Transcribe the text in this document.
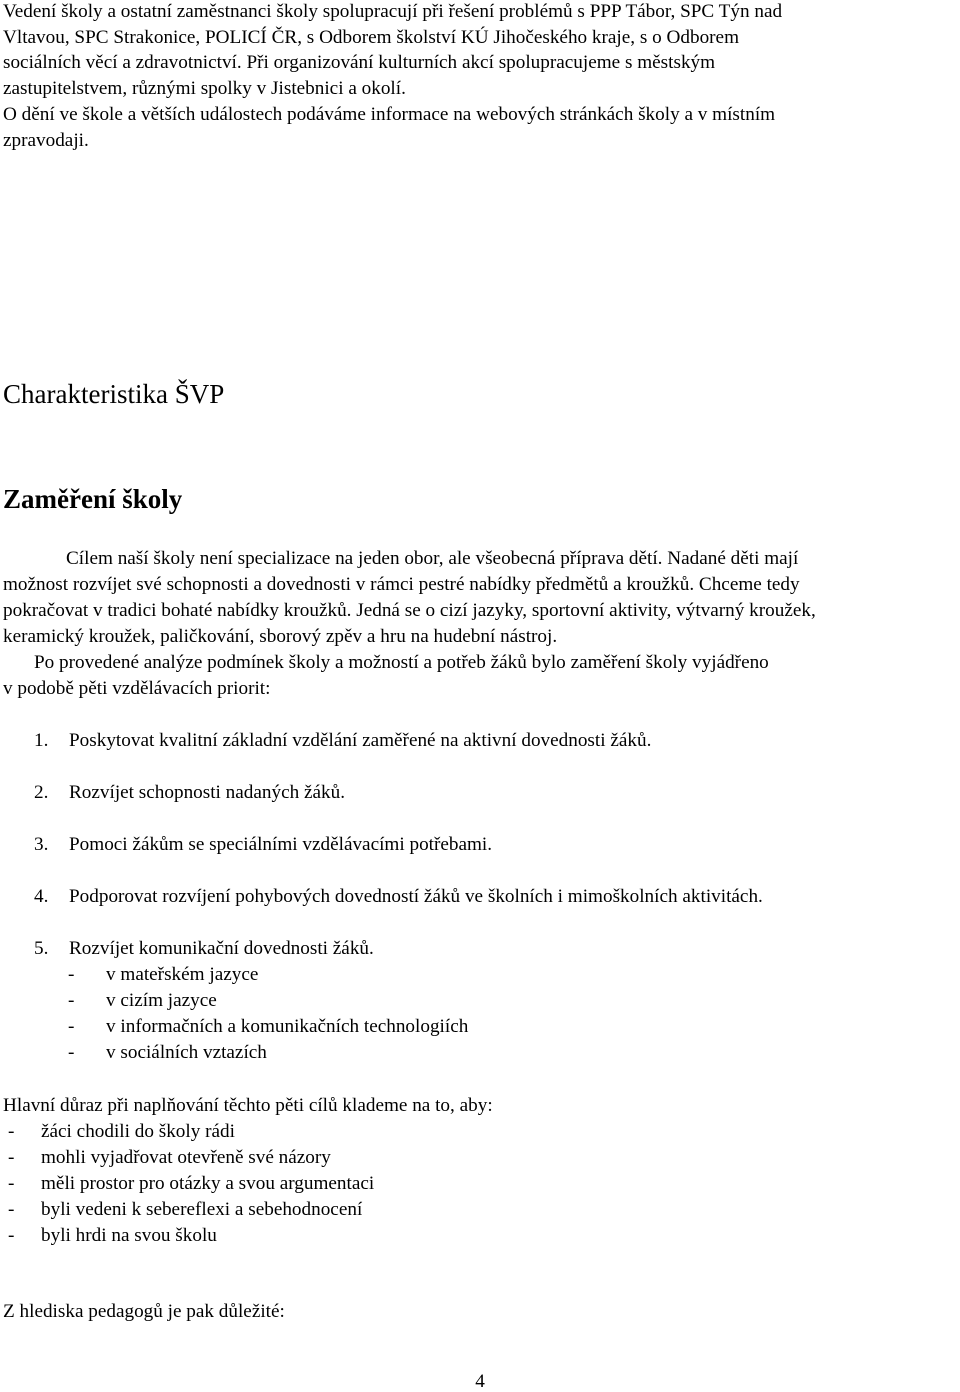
Vedení školy a ostatní zaměstnanci školy spolupracují při řešení problémů s PPP Tábor, SPC Týn nad
Vltavou, SPC Strakonice, POLICÍ ČR, s Odborem školství KÚ Jihočeského kraje, s o Odborem
sociálních věcí a zdravotnictví. Při organizování kulturních akcí spolupracujeme s městským
zastupitelstvem, různými spolky v Jistebnici a okolí.
O dění ve škole a větších událostech podáváme informace na webových stránkách školy a v místním
zpravodaji.
Charakteristika ŠVP
Zaměření školy
Cílem naší školy není specializace na jeden obor, ale všeobecná příprava dětí. Nadané děti mají
možnost rozvíjet své schopnosti a dovednosti v rámci pestré nabídky předmětů a kroužků. Chceme tedy
pokračovat v tradici bohaté nabídky kroužků. Jedná se o cizí jazyky, sportovní aktivity, výtvarný kroužek,
keramický kroužek, paličkování, sborový zpěv a hru na hudební nástroj.
Po provedené analýze podmínek školy a možností a potřeb žáků bylo zaměření školy vyjádřeno
v podobě pěti vzdělávacích priorit:
1. Poskytovat kvalitní základní vzdělání zaměřené na aktivní dovednosti žáků.
2. Rozvíjet schopnosti nadaných žáků.
3. Pomoci žákům se speciálními vzdělávacími potřebami.
4. Podporovat rozvíjení pohybových dovedností žáků ve školních i mimoškolních aktivitách.
5. Rozvíjet komunikační dovednosti žáků.
- v mateřském jazyce
- v cizím jazyce
- v informačních a komunikačních technologiích
- v sociálních vztazích
Hlavní důraz při naplňování těchto pěti cílů klademe na to, aby:
- žáci chodili do školy rádi
- mohli vyjadřovat otevřeně své názory
- měli prostor pro otázky a svou argumentaci
- byli vedeni k sebereflexi a sebehodnocení
- byli hrdi na svou školu
Z hlediska pedagogů je pak důležité:
4
